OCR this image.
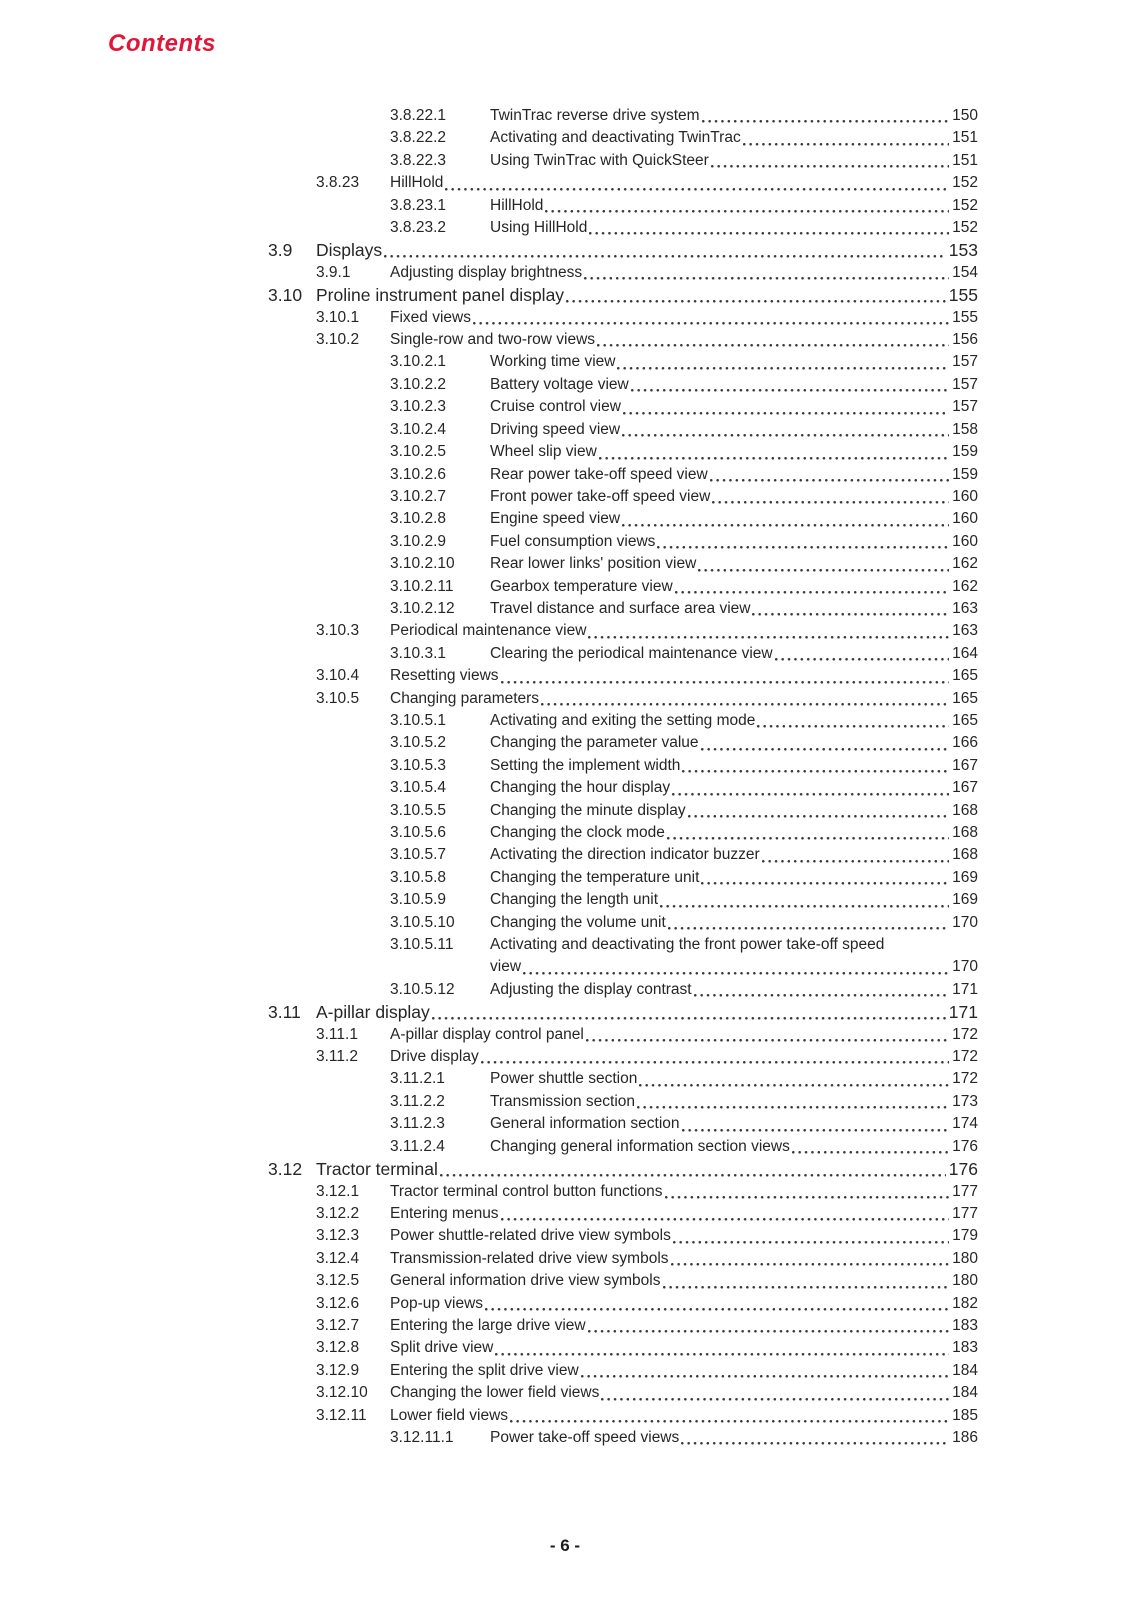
Contents
3.8.22.1	TwinTrac reverse drive system	150
3.8.22.2	Activating and deactivating TwinTrac	151
3.8.22.3	Using TwinTrac with QuickSteer	151
3.8.23	HillHold	152
3.8.23.1	HillHold	152
3.8.23.2	Using HillHold	152
3.9	Displays	153
3.9.1	Adjusting display brightness	154
3.10 Proline instrument panel display	155
3.10.1	Fixed views	155
3.10.2	Single-row and two-row views	156
3.10.2.1	Working time view	157
3.10.2.2	Battery voltage view	157
3.10.2.3	Cruise control view	157
3.10.2.4	Driving speed view	158
3.10.2.5	Wheel slip view	159
3.10.2.6	Rear power take-off speed view	159
3.10.2.7	Front power take-off speed view	160
3.10.2.8	Engine speed view	160
3.10.2.9	Fuel consumption views	160
3.10.2.10	Rear lower links' position view	162
3.10.2.11	Gearbox temperature view	162
3.10.2.12	Travel distance and surface area view	163
3.10.3	Periodical maintenance view	163
3.10.3.1	Clearing the periodical maintenance view	164
3.10.4	Resetting views	165
3.10.5	Changing parameters	165
3.10.5.1	Activating and exiting the setting mode	165
3.10.5.2	Changing the parameter value	166
3.10.5.3	Setting the implement width	167
3.10.5.4	Changing the hour display	167
3.10.5.5	Changing the minute display	168
3.10.5.6	Changing the clock mode	168
3.10.5.7	Activating the direction indicator buzzer	168
3.10.5.8	Changing the temperature unit	169
3.10.5.9	Changing the length unit	169
3.10.5.10	Changing the volume unit	170
3.10.5.11	Activating and deactivating the front power take-off speed
view	170
3.10.5.12	Adjusting the display contrast	171
3.11 A-pillar display	171
3.11.1	A-pillar display control panel	172
3.11.2	Drive display	172
3.11.2.1	Power shuttle section	172
3.11.2.2	Transmission section	173
3.11.2.3	General information section	174
3.11.2.4	Changing general information section views	176
3.12 Tractor terminal	176
3.12.1	Tractor terminal control button functions	177
3.12.2	Entering menus	177
3.12.3	Power shuttle-related drive view symbols	179
3.12.4	Transmission-related drive view symbols	180
3.12.5	General information drive view symbols	180
3.12.6	Pop-up views	182
3.12.7	Entering the large drive view	183
3.12.8	Split drive view	183
3.12.9	Entering the split drive view	184
3.12.10	Changing the lower field views	184
3.12.11	Lower field views	185
3.12.11.1	Power take-off speed views	186
- 6 -
